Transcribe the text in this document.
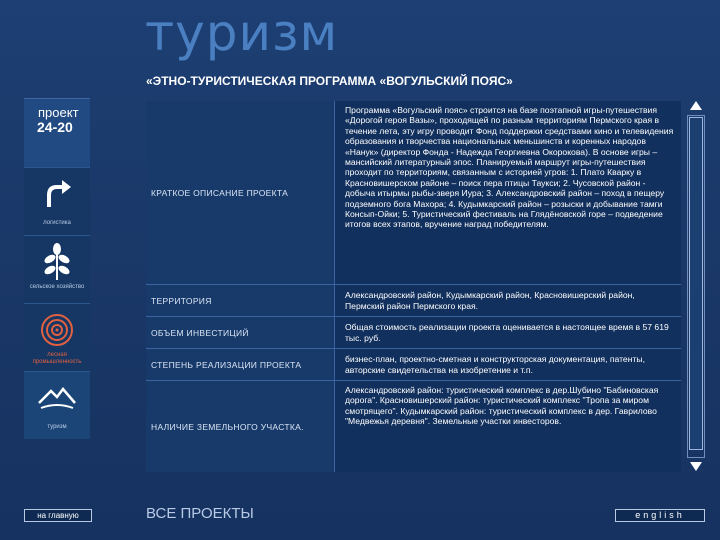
туризм
«ЭТНО-ТУРИСТИЧЕСКАЯ ПРОГРАММА «ВОГУЛЬСКИЙ ПОЯС»
проект
24-20
логистика
сельское хозяйство
лесная промышленность
туризм
КРАТКОЕ ОПИСАНИЕ ПРОЕКТА
Программа «Вогульский пояс» строится на базе поэтапной игры-путешествия «Дорогой героя Вазы», проходящей по разным территориям Пермского края в течение лета, эту игру проводит Фонд поддержки средствами кино и телевидения образования и творчества национальных меньшинств и коренных народов «Нанук» (директор Фонда - Надежда Георгиевна Окорокова). В основе игры – мансийский литературный эпос. Планируемый маршрут игры-путешествия проходит по территориям, связанным с историей угров: 1. Плато Кварку в Красновишерском районе – поиск пера птицы Таукси; 2. Чусовской район - добыча итырмы рыбы-зверя Иура; 3. Александровский район – поход в пещеру подземного бога Махора; 4. Кудымкарский район – розыски и добывание тамги Консып-Ойки; 5. Туристический фестиваль на Глядёновской горе – подведение итогов всех этапов, вручение наград победителям.
ТЕРРИТОРИЯ
Александровский район, Кудымкарский район, Красновишерский район, Пермский район Пермского края.
ОБЪЕМ ИНВЕСТИЦИЙ
Общая стоимость реализации проекта оценивается в настоящее время в 57 619 тыс. руб.
СТЕПЕНЬ РЕАЛИЗАЦИИ ПРОЕКТА
бизнес-план, проектно-сметная и конструкторская документация, патенты, авторские свидетельства на изобретение и т.п.
НАЛИЧИЕ ЗЕМЕЛЬНОГО УЧАСТКА.
Александровский район: туристический комплекс в дер.Шубино "Бабиновская дорога". Красновишерский район: туристический комплекс "Тропа за миром смотрящего". Кудымкарский район: туристический комплекс в дер. Гаврилово "Медвежья деревня". Земельные участки инвесторов.
на главную	ВСЕ ПРОЕКТЫ	english
